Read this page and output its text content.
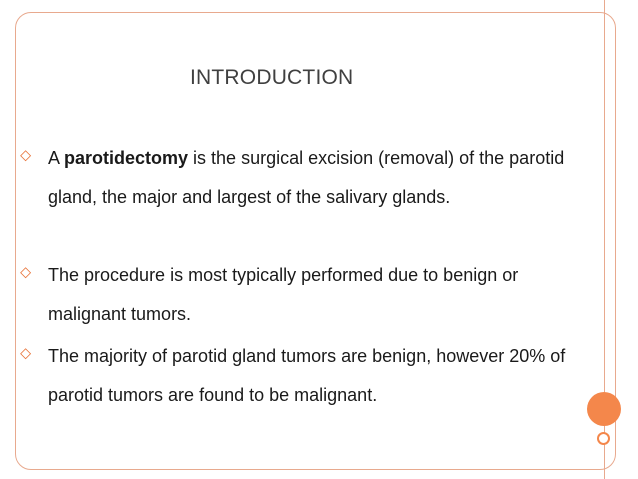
INTRODUCTION
⬦ A parotidectomy is the surgical excision (removal) of the parotid gland, the major and largest of the salivary glands.
⬦ The procedure is most typically performed due to benign or malignant tumors.
⬦ The majority of parotid gland tumors are benign, however 20% of parotid tumors are found to be malignant.
